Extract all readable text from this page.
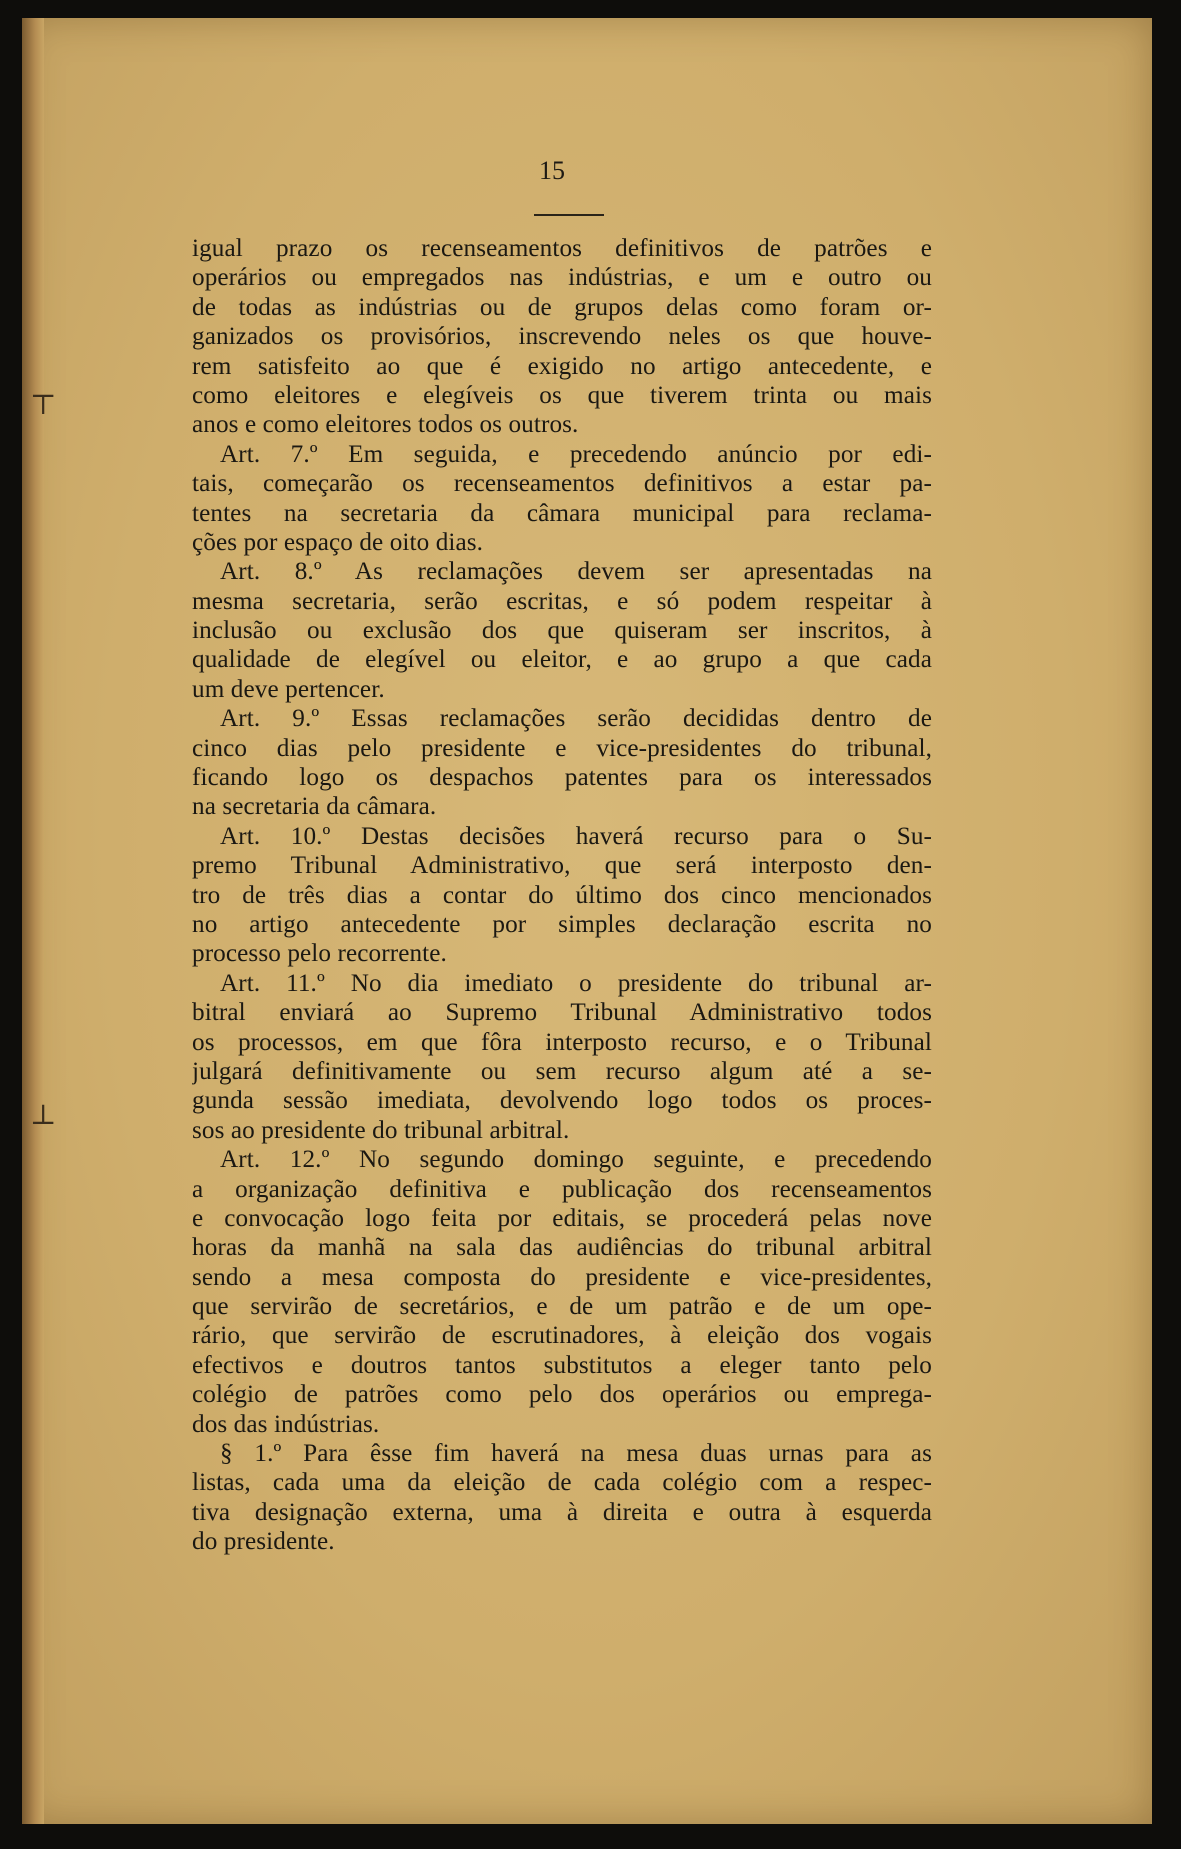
15
igual prazo os recenseamentos definitivos de patrões e
operários ou empregados nas indústrias, e um e outro ou
de todas as indústrias ou de grupos delas como foram or-
ganizados os provisórios, inscrevendo neles os que houve-
rem satisfeito ao que é exigido no artigo antecedente, e
como eleitores e elegíveis os que tiverem trinta ou mais
anos e como eleitores todos os outros.
Art. 7.º Em seguida, e precedendo anúncio por edi-
tais, começarão os recenseamentos definitivos a estar pa-
tentes na secretaria da câmara municipal para reclama-
ções por espaço de oito dias.
Art. 8.º As reclamações devem ser apresentadas na
mesma secretaria, serão escritas, e só podem respeitar à
inclusão ou exclusão dos que quiseram ser inscritos, à
qualidade de elegível ou eleitor, e ao grupo a que cada
um deve pertencer.
Art. 9.º Essas reclamações serão decididas dentro de
cinco dias pelo presidente e vice-presidentes do tribunal,
ficando logo os despachos patentes para os interessados
na secretaria da câmara.
Art. 10.º Destas decisões haverá recurso para o Su-
premo Tribunal Administrativo, que será interposto den-
tro de três dias a contar do último dos cinco mencionados
no artigo antecedente por simples declaração escrita no
processo pelo recorrente.
Art. 11.º No dia imediato o presidente do tribunal ar-
bitral enviará ao Supremo Tribunal Administrativo todos
os processos, em que fôra interposto recurso, e o Tribunal
julgará definitivamente ou sem recurso algum até a se-
gunda sessão imediata, devolvendo logo todos os proces-
sos ao presidente do tribunal arbitral.
Art. 12.º No segundo domingo seguinte, e precedendo
a organização definitiva e publicação dos recenseamentos
e convocação logo feita por editais, se procederá pelas nove
horas da manhã na sala das audiências do tribunal arbitral
sendo a mesa composta do presidente e vice-presidentes,
que servirão de secretários, e de um patrão e de um ope-
rário, que servirão de escrutinadores, à eleição dos vogais
efectivos e doutros tantos substitutos a eleger tanto pelo
colégio de patrões como pelo dos operários ou emprega-
dos das indústrias.
§ 1.º Para êsse fim haverá na mesa duas urnas para as
listas, cada uma da eleição de cada colégio com a respec-
tiva designação externa, uma à direita e outra à esquerda
do presidente.
⊤
⊥
